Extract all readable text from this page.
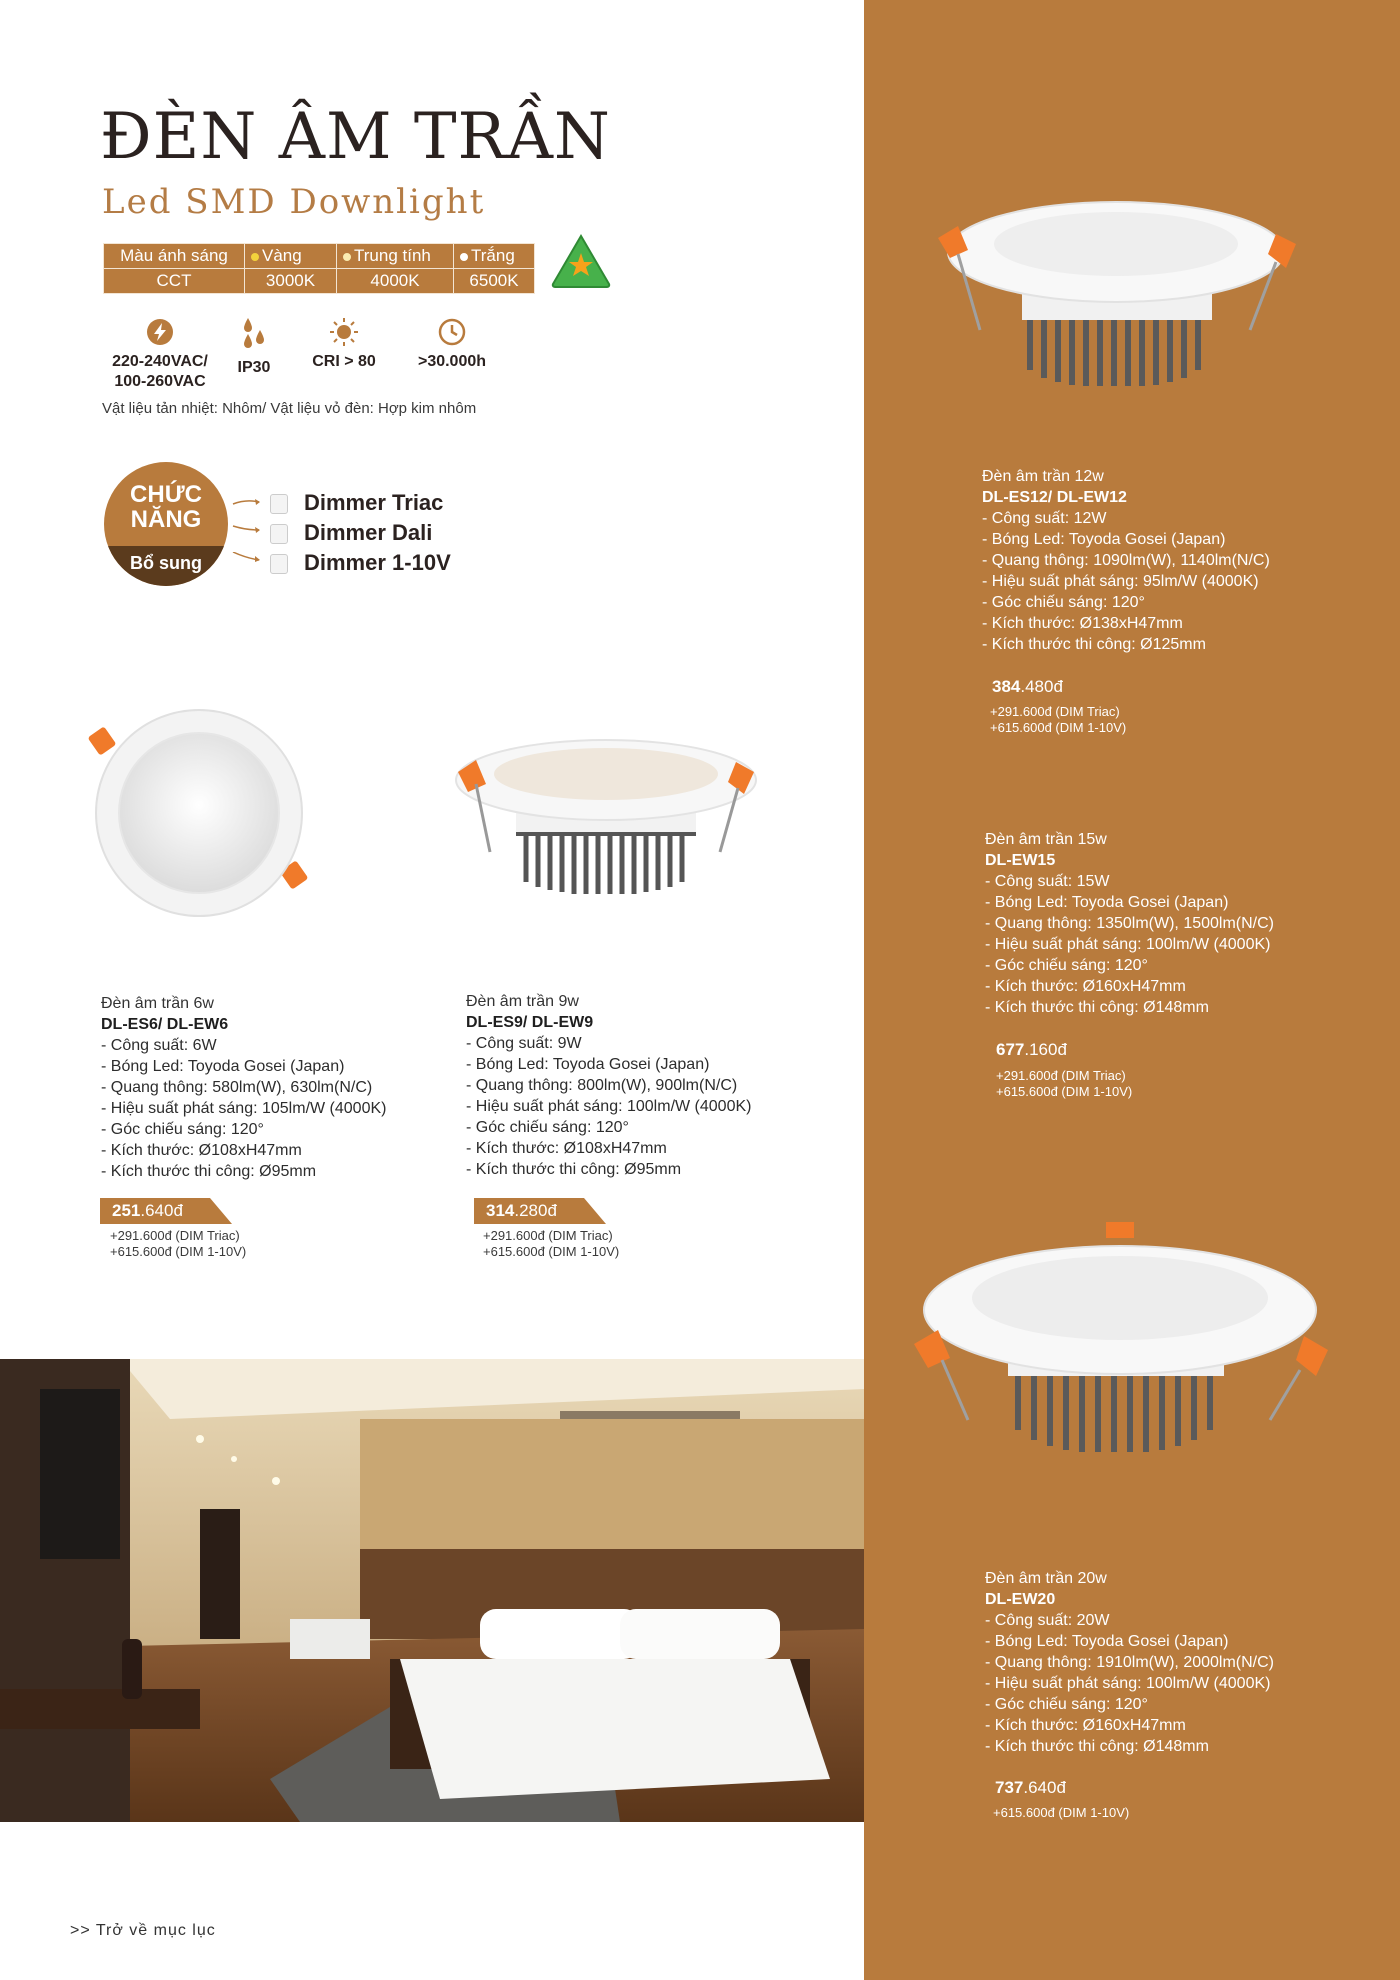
ĐÈN ÂM TRẦN
Led SMD Downlight
Màu ánh sáng	Vàng	Trung tính	Trắng
CCT	3000K	4000K	6500K
220-240VAC/
100-260VAC
IP30	CRI > 80	>30.000h
Vật liệu tản nhiệt: Nhôm/ Vật liệu vỏ đèn: Hợp kim nhôm
CHỨC
NĂNG
Bổ sung
Dimmer Triac
Dimmer Dali
Dimmer 1-10V
Đèn âm trần 6w
DL-ES6/ DL-EW6
- Công suất: 6W
- Bóng Led: Toyoda Gosei (Japan)
- Quang thông: 580lm(W), 630lm(N/C)
- Hiệu suất phát sáng: 105lm/W (4000K)
- Góc chiếu sáng: 120°
- Kích thước: Ø108xH47mm
- Kích thước thi công: Ø95mm
251.640đ
+291.600đ (DIM Triac)
+615.600đ (DIM 1-10V)
Đèn âm trần 9w
DL-ES9/ DL-EW9
- Công suất: 9W
- Bóng Led: Toyoda Gosei (Japan)
- Quang thông: 800lm(W), 900lm(N/C)
- Hiệu suất phát sáng: 100lm/W (4000K)
- Góc chiếu sáng: 120°
- Kích thước: Ø108xH47mm
- Kích thước thi công: Ø95mm
314.280đ
+291.600đ (DIM Triac)
+615.600đ (DIM 1-10V)
Đèn âm trần 12w
DL-ES12/ DL-EW12
- Công suất: 12W
- Bóng Led: Toyoda Gosei (Japan)
- Quang thông: 1090lm(W), 1140lm(N/C)
- Hiệu suất phát sáng: 95lm/W (4000K)
- Góc chiếu sáng: 120°
- Kích thước: Ø138xH47mm
- Kích thước thi công: Ø125mm
384.480đ
+291.600đ (DIM Triac)
+615.600đ (DIM 1-10V)
Đèn âm trần 15w
DL-EW15
- Công suất: 15W
- Bóng Led: Toyoda Gosei (Japan)
- Quang thông: 1350lm(W), 1500lm(N/C)
- Hiệu suất phát sáng: 100lm/W (4000K)
- Góc chiếu sáng: 120°
- Kích thước: Ø160xH47mm
- Kích thước thi công: Ø148mm
677.160đ
+291.600đ (DIM Triac)
+615.600đ (DIM 1-10V)
Đèn âm trần 20w
DL-EW20
- Công suất: 20W
- Bóng Led: Toyoda Gosei (Japan)
- Quang thông: 1910lm(W), 2000lm(N/C)
- Hiệu suất phát sáng: 100lm/W (4000K)
- Góc chiếu sáng: 120°
- Kích thước: Ø160xH47mm
- Kích thước thi công: Ø148mm
737.640đ
+615.600đ (DIM 1-10V)
>> Trở về mục lục
